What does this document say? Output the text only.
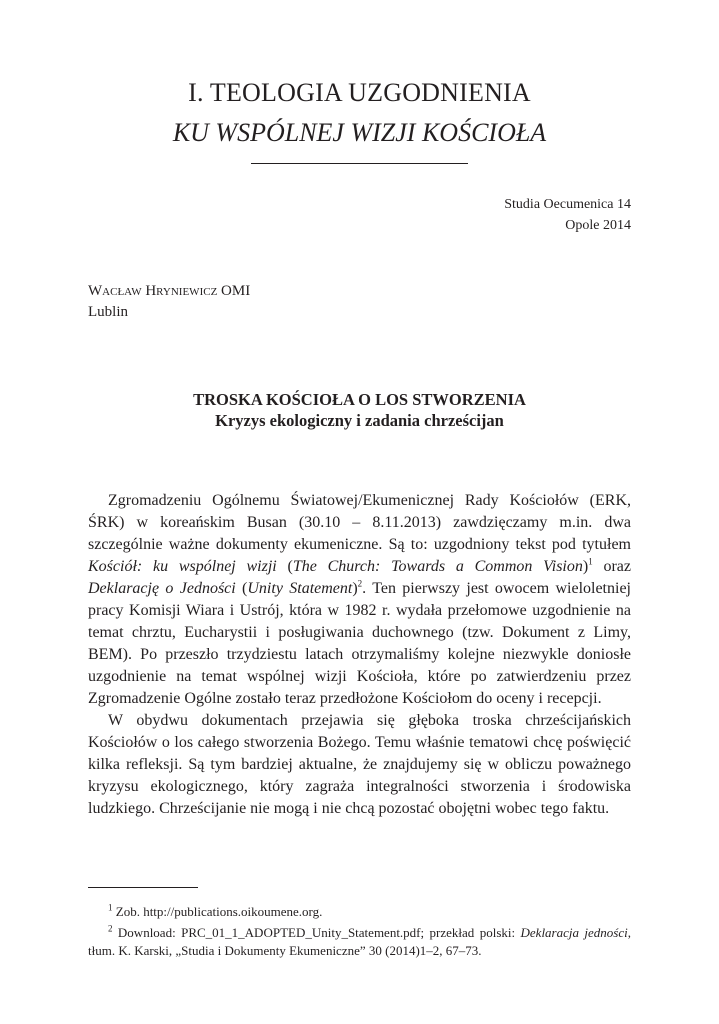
I. TEOLOGIA UZGODNIENIA
KU WSPÓLNEJ WIZJI KOŚCIOŁA
Studia Oecumenica 14
Opole 2014
Wacław Hryniewicz OMI
Lublin
TROSKA KOŚCIOŁA O LOS STWORZENIA
Kryzys ekologiczny i zadania chrześcijan

Zgromadzeniu Ogólnemu Światowej/Ekumenicznej Rady Kościołów (ERK, ŚRK) w koreańskim Busan (30.10 – 8.11.2013) zawdzięczamy m.in. dwa szczególnie ważne dokumenty ekumeniczne. Są to: uzgodniony tekst pod tytułem Kościół: ku wspólnej wizji (The Church: Towards a Common Vision)$^1$ oraz Deklarację o Jedności (Unity Statement)$^2$. Ten pierwszy jest owocem wieloletniej pracy Komisji Wiara i Ustrój, która w 1982 r. wydała przełomowe uzgodnienie na temat chrztu, Eucharystii i posługiwania duchownego (tzw. Dokument z Limy, BEM). Po przeszło trzydziestu latach otrzymaliśmy kolejne niezwykle doniosłe uzgodnienie na temat wspólnej wizji Kościoła, które po zatwierdzeniu przez Zgromadzenie Ogólne zostało teraz przedłożone Kościołom do oceny i recepcji.

W obydwu dokumentach przejawia się głęboka troska chrześcijańskich Kościołów o los całego stworzenia Bożego. Temu właśnie tematowi chcę poświęcić kilka refleksji. Są tym bardziej aktualne, że znajdujemy się w obliczu poważnego kryzysu ekologicznego, który zagraża integralności stworzenia i środowiska ludzkiego. Chrześcijanie nie mogą i nie chcą pozostać obojętni wobec tego faktu.

$^1$ Zob. http://publications.oikoumene.org.

$^2$ Download: PRC_01_1_ADOPTED_Unity_Statement.pdf; przekład polski: Deklaracja jedności, tłum. K. Karski, „Studia i Dokumenty Ekumeniczne” 30 (2014)1–2, 67–73.
